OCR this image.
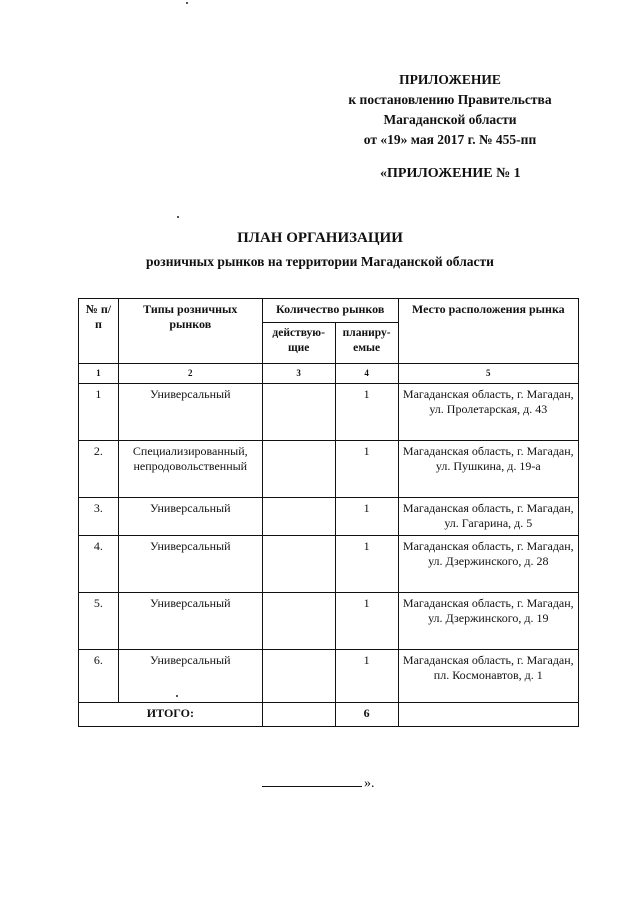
ПРИЛОЖЕНИЕ
к постановлению Правительства
Магаданской области
от «19» мая 2017 г. № 455-пп
«ПРИЛОЖЕНИЕ № 1
ПЛАН ОРГАНИЗАЦИИ
розничных рынков на территории Магаданской области
№ п/п	Типы розничных рынков	Количество рынков		Место расположения рынка
		действую-щие	планиру-емые	
1	2	3	4	5
1	Универсальный		1	Магаданская область, г. Магадан, ул. Пролетарская, д. 43
2.	Специализированный, непродовольственный		1	Магаданская область, г. Магадан, ул. Пушкина, д. 19-а
3.	Универсальный		1	Магаданская область, г. Магадан, ул. Гагарина, д. 5
4.	Универсальный		1	Магаданская область, г. Магадан, ул. Дзержинского, д. 28
5.	Универсальный		1	Магаданская область, г. Магадан, ул. Дзержинского, д. 19
6.	Универсальный		1	Магаданская область, г. Магадан, пл. Космонавтов, д. 1
ИТОГО:			6	
».
